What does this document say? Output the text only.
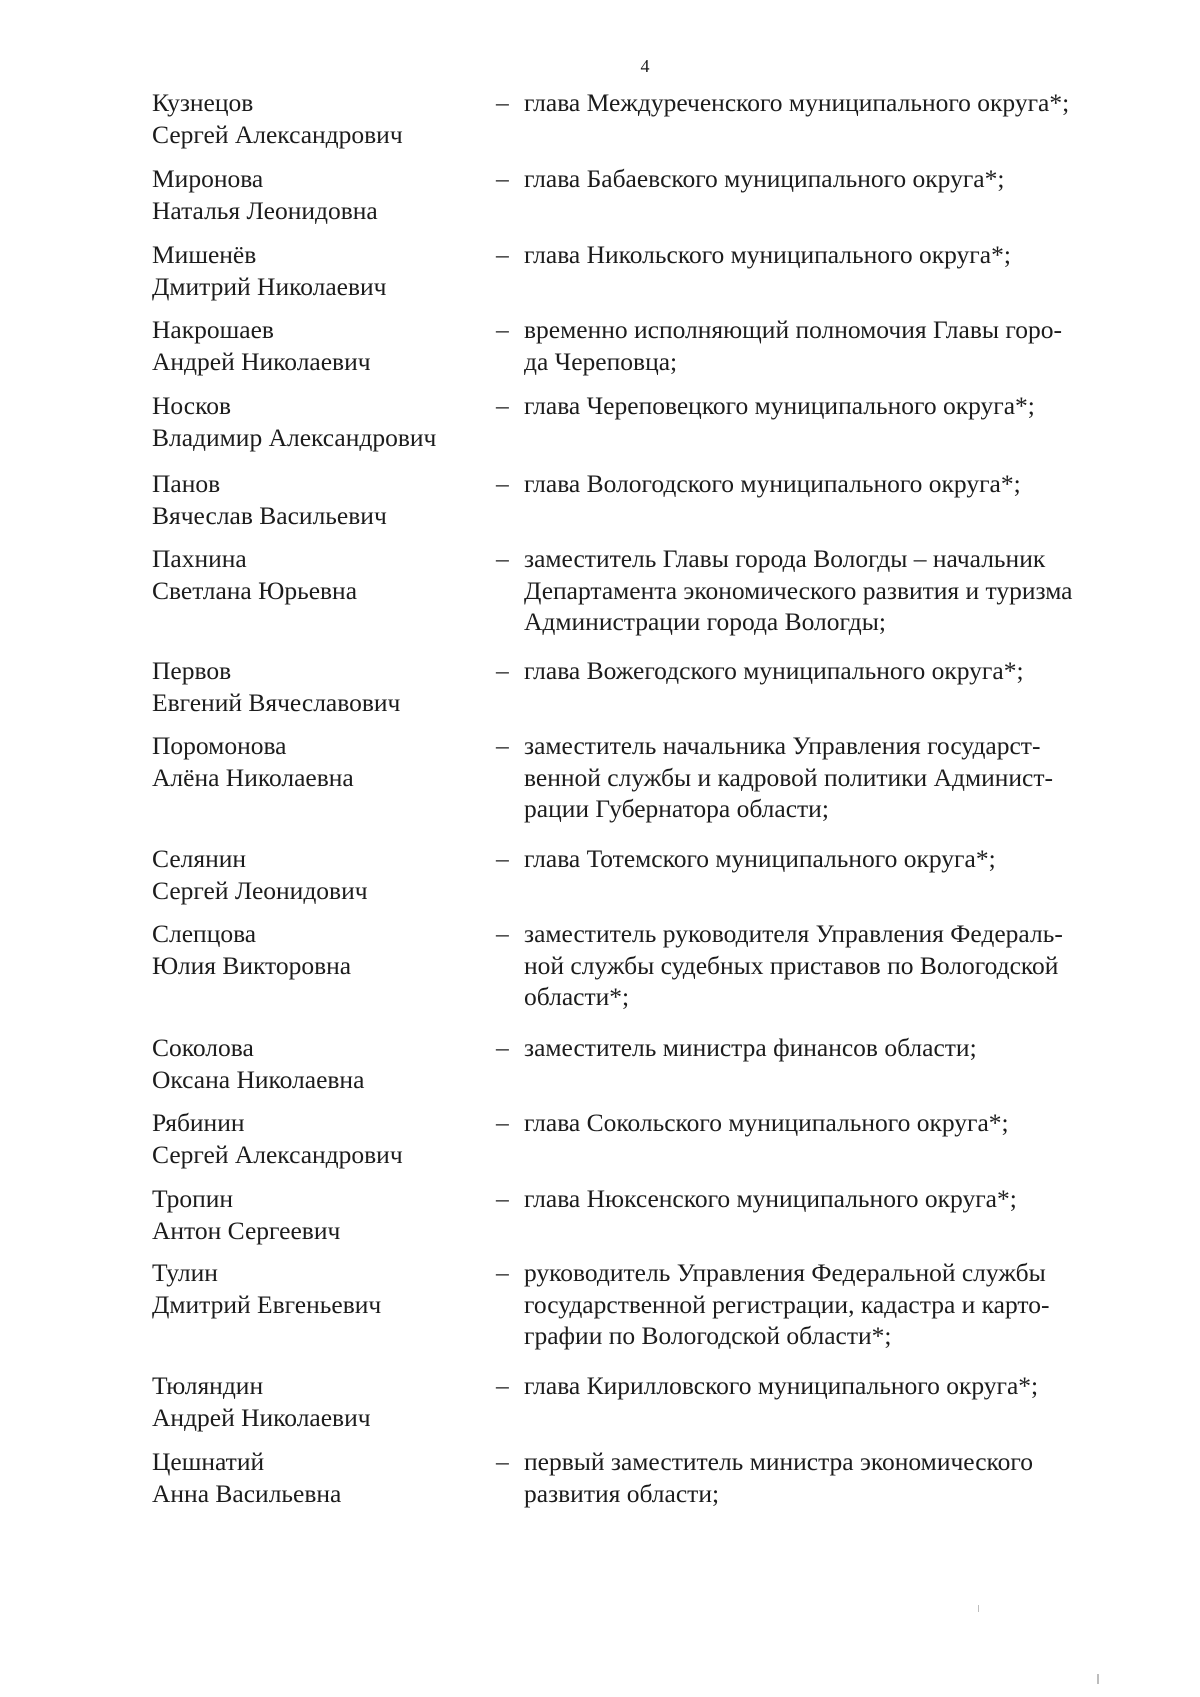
4
Кузнецов
Сергей Александрович
– глава Междуреченского муниципального округа*;
Миронова
Наталья Леонидовна
– глава Бабаевского муниципального округа*;
Мишенёв
Дмитрий Николаевич
– глава Никольского муниципального округа*;
Накрошаев
Андрей Николаевич
– временно исполняющий полномочия Главы горо-
да Череповца;
Носков
Владимир Александрович
– глава Череповецкого муниципального округа*;
Панов
Вячеслав Васильевич
– глава Вологодского муниципального округа*;
Пахнина
Светлана Юрьевна
– заместитель Главы города Вологды – начальник
Департамента экономического развития и туризма
Администрации города Вологды;
Первов
Евгений Вячеславович
– глава Вожегодского муниципального округа*;
Поромонова
Алёна Николаевна
– заместитель начальника Управления государст-
венной службы и кадровой политики Админист-
рации Губернатора области;
Селянин
Сергей Леонидович
– глава Тотемского муниципального округа*;
Слепцова
Юлия Викторовна
– заместитель руководителя Управления Федераль-
ной службы судебных приставов по Вологодской
области*;
Соколова
Оксана Николаевна
– заместитель министра финансов области;
Рябинин
Сергей Александрович
– глава Сокольского муниципального округа*;
Тропин
Антон Сергеевич
– глава Нюксенского муниципального округа*;
Тулин
Дмитрий Евгеньевич
– руководитель Управления Федеральной службы
государственной регистрации, кадастра и карто-
графии по Вологодской области*;
Тюляндин
Андрей Николаевич
– глава Кирилловского муниципального округа*;
Цешнатий
Анна Васильевна
– первый заместитель министра экономического
развития области;
